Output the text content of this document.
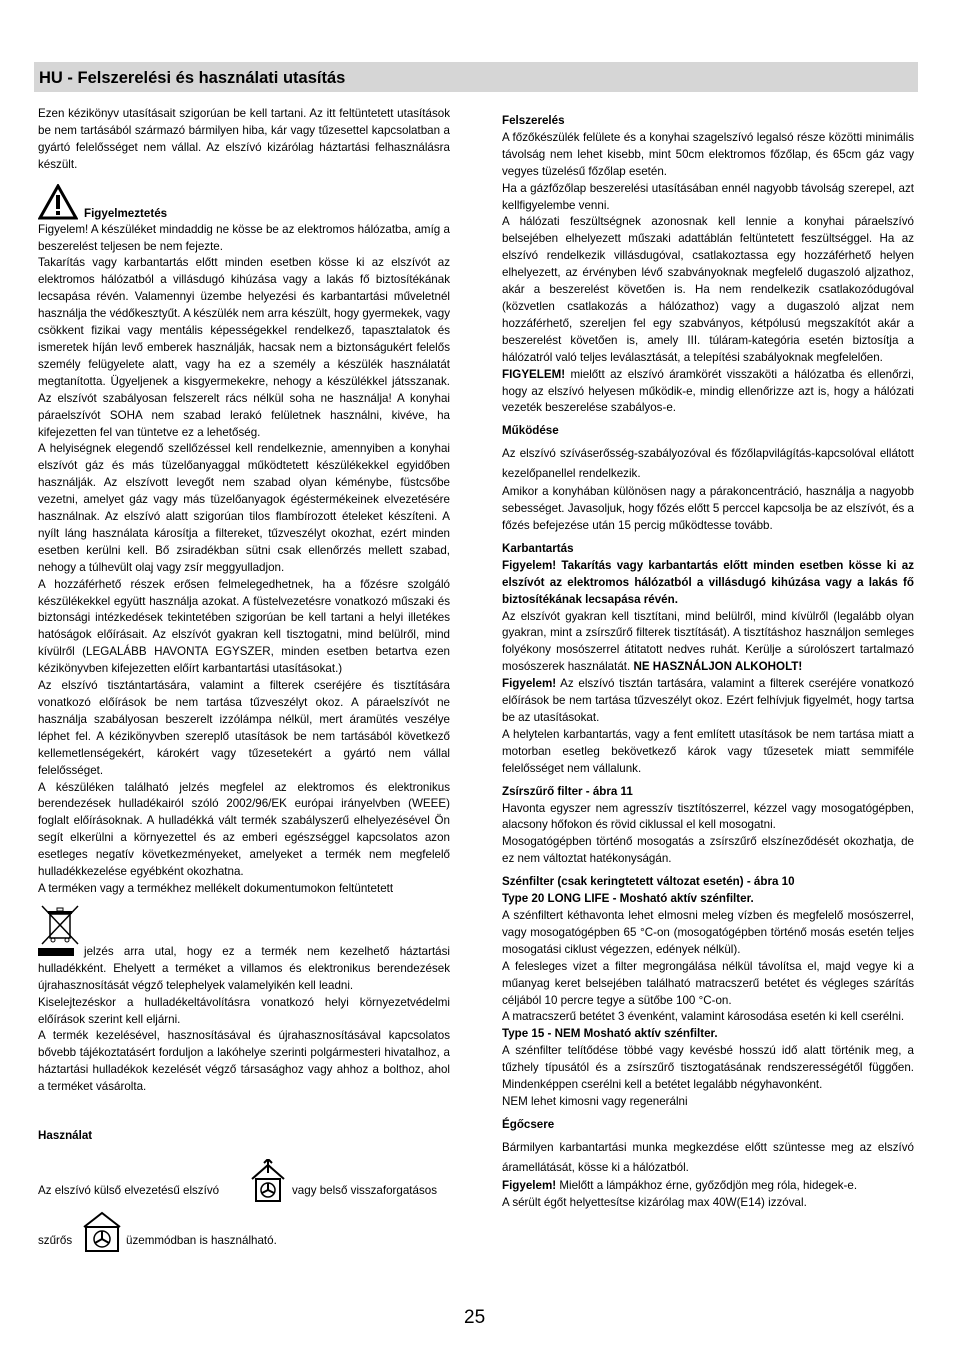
HU - Felszerelési és használati utasítás

Ezen kézikönyv utasításait szigorúan be kell tartani. Az itt feltüntetett utasítások be nem tartásából származó bármilyen hiba, kár vagy tűzesettel kapcsolatban a gyártó felelősséget nem vállal. Az elszívó kizárólag háztartási felhasználásra készült.

Figyelmeztetés

Figyelem! A készüléket mindaddig ne kösse be az elektromos hálózatba, amíg a beszerelést teljesen be nem fejezte.

Takarítás vagy karbantartás előtt minden esetben kösse ki az elszívót az elektromos hálózatból a villásdugó kihúzása vagy a lakás fő biztosítékának lecsapása révén. Valamennyi üzembe helyezési és karbantartási műveletnél használja the védőkesztyűt. A készülék nem arra készült, hogy gyermekek, vagy csökkent fizikai vagy mentális képességekkel rendelkező, tapasztalatok és ismeretek híján levő emberek használják, hacsak nem a biztonságukért felelős személy felügyelete alatt, vagy ha ez a személy a készülék használatát megtanította. Ügyeljenek a kisgyermekekre, nehogy a készülékkel játsszanak. Az elszívót szabályosan felszerelt rács nélkül soha ne használja! A konyhai páraelszívót SOHA nem szabad lerakó felületnek használni, kivéve, ha kifejezetten fel van tüntetve ez a lehetőség.

A helyiségnek elegendő szellőzéssel kell rendelkeznie, amennyiben a konyhai elszívót gáz és más tüzelőanyaggal működtetett készülékekkel egyidőben használják. Az elszívott levegőt nem szabad olyan kéménybe, füstcsőbe vezetni, amelyet gáz vagy más tüzelőanyagok égéstermékeinek elvezetésére használnak. Az elszívó alatt szigorúan tilos flambírozott ételeket készíteni. A nyílt láng használata károsítja a filtereket, tűzveszélyt okozhat, ezért minden esetben kerülni kell. Bő zsiradékban sütni csak ellenőrzés mellett szabad, nehogy a túlhevült olaj vagy zsír meggyulladjon.

A hozzáférhető részek erősen felmelegedhetnek, ha a főzésre szolgáló készülékekkel együtt használja azokat. A füstelvezetésre vonatkozó műszaki és biztonsági intézkedések tekintetében szigorúan be kell tartani a helyi illetékes hatóságok előírásait. Az elszívót gyakran kell tisztogatni, mind belülről, mind kívülről (LEGALÁBB HAVONTA EGYSZER, minden esetben betartva ezen kézikönyvben kifejezetten előírt karbantartási utasításokat.)

Az elszívó tisztántartására, valamint a filterek cseréjére és tisztítására vonatkozó előírások be nem tartása tűzveszélyt okoz. A páraelszívót ne használja szabályosan beszerelt izzólámpa nélkül, mert áramütés veszélye léphet fel. A kézikönyvben szereplő utasítások be nem tartásából következő kellemetlenségekért, károkért vagy tűzesetekért a gyártó nem vállal felelősséget.

A készüléken található jelzés megfelel az elektromos és elektronikus berendezések hulladékairól szóló 2002/96/EK európai irányelvben (WEEE) foglalt előírásoknak. A hulladékká vált termék szabályszerű elhelyezésével Ön segít elkerülni a környezettel és az emberi egészséggel kapcsolatos azon esetleges negatív következményeket, amelyeket a termék nem megfelelő hulladékkezelése egyébként okozhatna.

A terméken vagy a termékhez mellékelt dokumentumokon feltüntetett

jelzés arra utal, hogy ez a termék nem kezelhető háztartási hulladékként. Ehelyett a terméket a villamos és elektronikus berendezések újrahasznosítását végző telephelyek valamelyikén kell leadni.

Kiselejtezéskor a hulladékeltávolításra vonatkozó helyi környezetvédelmi előírások szerint kell eljárni.

A termék kezelésével, hasznosításával és újrahasznosításával kapcsolatos bővebb tájékoztatásért forduljon a lakóhelye szerinti polgármesteri hivatalhoz, a háztartási hulladékok kezelését végző társasághoz vagy ahhoz a bolthoz, ahol a terméket vásárolta.

Használat

Az elszívó külső elvezetésű elszívó	vagy belső visszaforgatásos
szűrős	üzemmódban is használható.

Felszerelés

A főzőkészülék felülete és a konyhai szagelszívó legalsó része közötti minimális távolság nem lehet kisebb, mint 50cm elektromos főzőlap, és 65cm gáz vagy vegyes tüzelésű főzőlap esetén.

Ha a gázfőzőlap beszerelési utasításában ennél nagyobb távolság szerepel, azt kellfigyelembe venni.

A hálózati feszültségnek azonosnak kell lennie a konyhai páraelszívó belsejében elhelyezett műszaki adattáblán feltüntetett feszültséggel. Ha az elszívó rendelkezik villásdugóval, csatlakoztassa egy hozzáférhető helyen elhelyezett, az érvényben lévő szabványoknak megfelelő dugaszoló aljzathoz, akár a beszerelést követően is. Ha nem rendelkezik csatlakozódugóval (közvetlen csatlakozás a hálózathoz) vagy a dugaszoló aljzat nem hozzáférhető, szereljen fel egy szabványos, kétpólusú megszakítót akár a beszerelést követően is, amely III. túláram-kategória esetén biztosítja a hálózatról való teljes leválasztását, a telepítési szabályoknak megfelelően.

FIGYELEM! mielőtt az elszívó áramkörét visszaköti a hálózatba és ellenőrzi, hogy az elszívó helyesen működik-e, mindig ellenőrizze azt is, hogy a hálózati vezeték beszerelése szabályos-e.

Működése

Az elszívó szíváserősség-szabályozóval és főzőlapvilágítás-kapcsolóval ellátott kezelőpanellel rendelkezik.

Amikor a konyhában különösen nagy a párakoncentráció, használja a nagyobb sebességet. Javasoljuk, hogy főzés előtt 5 perccel kapcsolja be az elszívót, és a főzés befejezése után 15 percig működtesse tovább.

Karbantartás

Figyelem! Takarítás vagy karbantartás előtt minden esetben kösse ki az elszívót az elektromos hálózatból a villásdugó kihúzása vagy a lakás fő biztosítékának lecsapása révén.

Az elszívót gyakran kell tisztítani, mind belülről, mind kívülről (legalább olyan gyakran, mint a zsírszűrő filterek tisztítását). A tisztításhoz használjon semleges folyékony mosószerrel átitatott nedves ruhát. Kerülje a súrolószert tartalmazó mosószerek használatát. NE HASZNÁLJON ALKOHOLT!

Figyelem! Az elszívó tisztán tartására, valamint a filterek cseréjére vonatkozó előírások be nem tartása tűzveszélyt okoz. Ezért felhívjuk figyelmét, hogy tartsa be az utasításokat.

A helytelen karbantartás, vagy a fent említett utasítások be nem tartása miatt a motorban esetleg bekövetkező károk vagy tűzesetek miatt semmiféle felelősséget nem vállalunk.

Zsírszűrő filter - ábra 11

Havonta egyszer nem agresszív tisztítószerrel, kézzel vagy mosogatógépben, alacsony hőfokon és rövid ciklussal el kell mosogatni.

Mosogatógépben történő mosogatás a zsírszűrő elszíneződését okozhatja, de ez nem változtat hatékonyságán.

Szénfilter (csak keringtetett változat esetén) - ábra 10

Type 20 LONG LIFE - Mosható aktív szénfilter.

A szénfiltert kéthavonta lehet elmosni meleg vízben és megfelelő mosószerrel, vagy mosogatógépben 65 °C-on (mosogatógépben történő mosás esetén teljes mosogatási ciklust végezzen, edények nélkül).

A felesleges vizet a filter megrongálása nélkül távolítsa el, majd vegye ki a műanyag keret belsejében található matracszerű betétet és végleges szárítás céljából 10 percre tegye a sütőbe 100 °C-on.

A matracszerű betétet 3 évenként, valamint károsodása esetén ki kell cserélni.

Type 15 - NEM Mosható aktív szénfilter.

A szénfilter telítődése többé vagy kevésbé hosszú idő alatt történik meg, a tűzhely típusától és a zsírszűrő tisztogatásának rendszerességétől függően. Mindenképpen cserélni kell a betétet legalább négyhavonként.

NEM lehet kimosni vagy regenerálni

Égőcsere

Bármilyen karbantartási munka megkezdése előtt szüntesse meg az elszívó áramellátását, kösse ki a hálózatból.

Figyelem! Mielőtt a lámpákhoz érne, győződjön meg róla, hidegek-e.

A sérült égőt helyettesítse kizárólag max 40W(E14) izzóval.

25
